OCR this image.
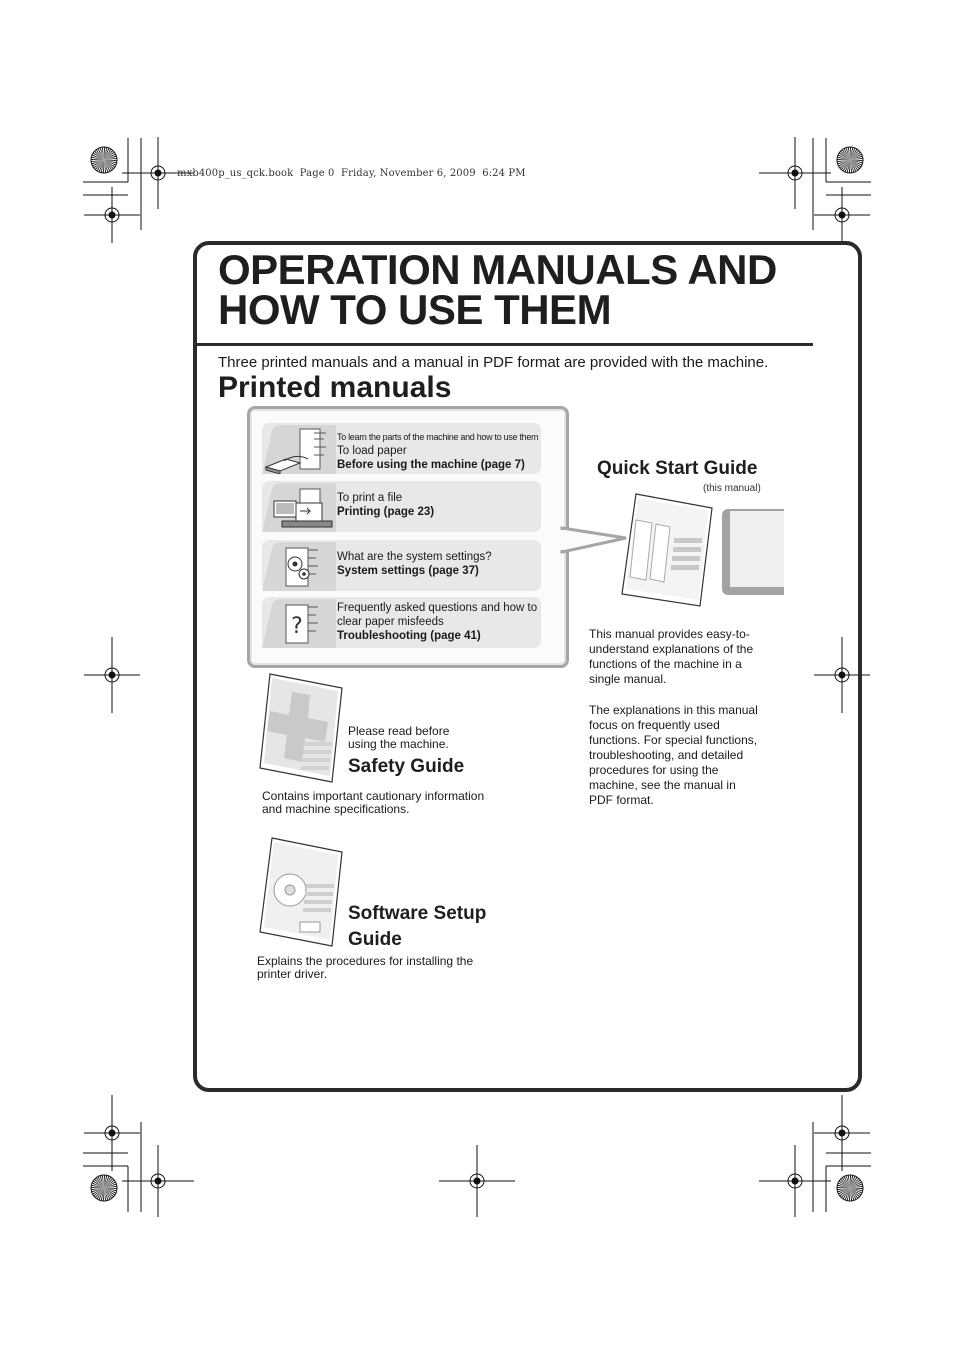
mxb400p_us_qck.book  Page 0  Friday, November 6, 2009  6:24 PM
OPERATION MANUALS AND
HOW TO USE THEM
Three printed manuals and a manual in PDF format are provided with the machine.
Printed manuals
To learn the parts of the machine and how to use them
To load paper
Before using the machine (page 7)
To print a file
Printing (page 23)
What are the system settings?
System settings (page 37)
?
Frequently asked questions and how to
clear paper misfeeds
Troubleshooting (page 41)
Quick Start Guide
(this manual)
This manual provides easy-to-
understand explanations of the
functions of the machine in a
single manual.
The explanations in this manual
focus on frequently used
functions. For special functions,
troubleshooting, and detailed
procedures for using the
machine, see the manual in
PDF format.
Please read before
using the machine.
Safety Guide
Contains important cautionary information
and machine specifications.
Software Setup
Guide
Explains the procedures for installing the
printer driver.
